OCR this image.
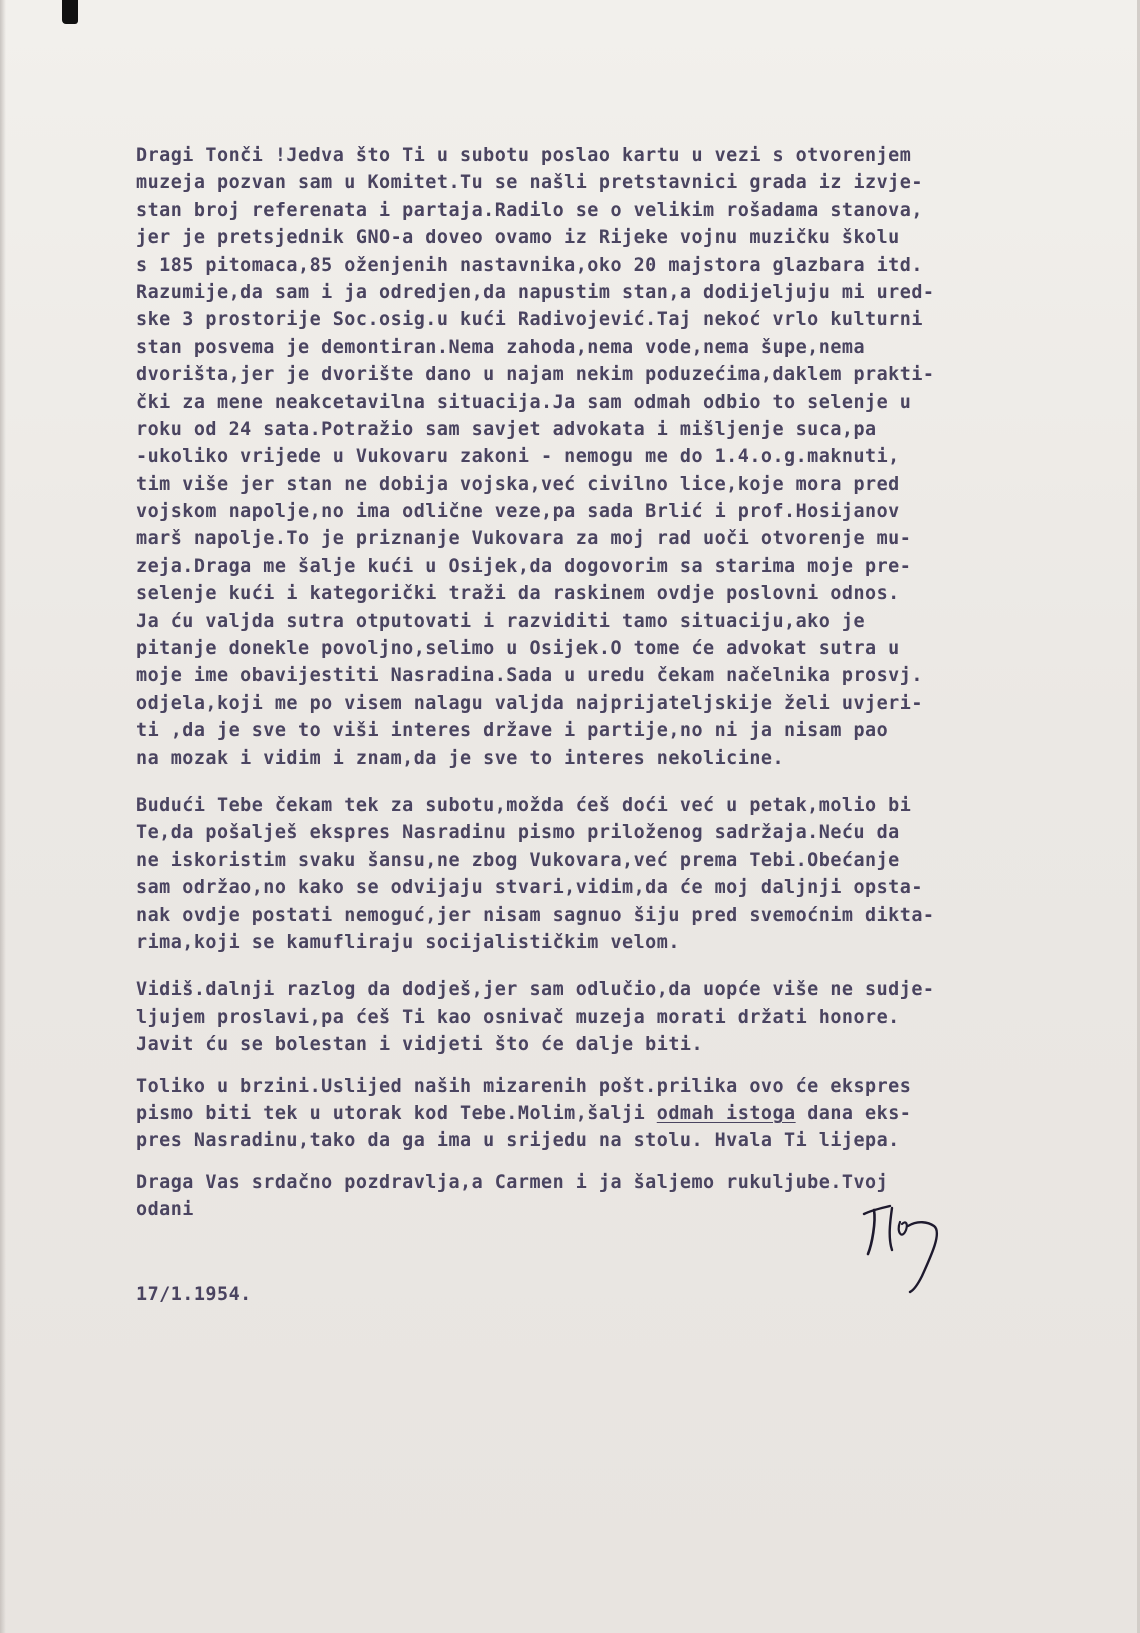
Dragi Tonči !Jedva što Ti u subotu poslao kartu u vezi s otvorenjem
muzeja pozvan sam u Komitet.Tu se našli pretstavnici grada iz izvje-
stan broj referenata i partaja.Radilo se o velikim rošadama stanova,
jer je pretsjednik GNO-a doveo ovamo iz Rijeke vojnu muzičku školu
s 185 pitomaca,85 oženjenih nastavnika,oko 20 majstora glazbara itd.
Razumije,da sam i ja odredjen,da napustim stan,a dodijeljuju mi ured-
ske 3 prostorije Soc.osig.u kući Radivojević.Taj nekoć vrlo kulturni
stan posvema je demontiran.Nema zahoda,nema vode,nema šupe,nema
dvorišta,jer je dvorište dano u najam nekim poduzećima,daklem prakti-
čki za mene neakcetavilna situacija.Ja sam odmah odbio to selenje u
roku od 24 sata.Potražio sam savjet advokata i mišljenje suca,pa
-ukoliko vrijede u Vukovaru zakoni - nemogu me do 1.4.o.g.maknuti,
tim više jer stan ne dobija vojska,već civilno lice,koje mora pred
vojskom napolje,no ima odlične veze,pa sada Brlić i prof.Hosijanov
marš napolje.To je priznanje Vukovara za moj rad uoči otvorenje mu-
zeja.Draga me šalje kući u Osijek,da dogovorim sa starima moje pre-
selenje kući i kategorički traži da raskinem ovdje poslovni odnos.
Ja ću valjda sutra otputovati i razviditi tamo situaciju,ako je
pitanje donekle povoljno,selimo u Osijek.O tome će advokat sutra u
moje ime obavijestiti Nasradina.Sada u uredu čekam načelnika prosvj.
odjela,koji me po visem nalagu valjda najprijateljskije želi uvjeri-
ti ,da je sve to viši interes države i partije,no ni ja nisam pao
na mozak i vidim i znam,da je sve to interes nekolicine.
Budući Tebe čekam tek za subotu,možda ćeš doći već u petak,molio bi
Te,da pošalješ ekspres Nasradinu pismo priloženog sadržaja.Neću da
ne iskoristim svaku šansu,ne zbog Vukovara,već prema Tebi.Obećanje
sam održao,no kako se odvijaju stvari,vidim,da će moj daljnji opsta-
nak ovdje postati nemoguć,jer nisam sagnuo šiju pred svemoćnim dikta-
rima,koji se kamufliraju socijalističkim velom.
Vidiš.dalnji razlog da dodješ,jer sam odlučio,da uopće više ne sudje-
ljujem proslavi,pa ćeš Ti kao osnivač muzeja morati držati honore.
Javit ću se bolestan i vidjeti što će dalje biti.
Toliko u brzini.Uslijed naših mizarenih pošt.prilika ovo će ekspres
pismo biti tek u utorak kod Tebe.Molim,šalji odmah istoga dana eks-
pres Nasradinu,tako da ga ima u srijedu na stolu. Hvala Ti lijepa.
Draga Vas srdačno pozdravlja,a Carmen i ja šaljemo rukuljube.Tvoj
odani
17/1.1954.
